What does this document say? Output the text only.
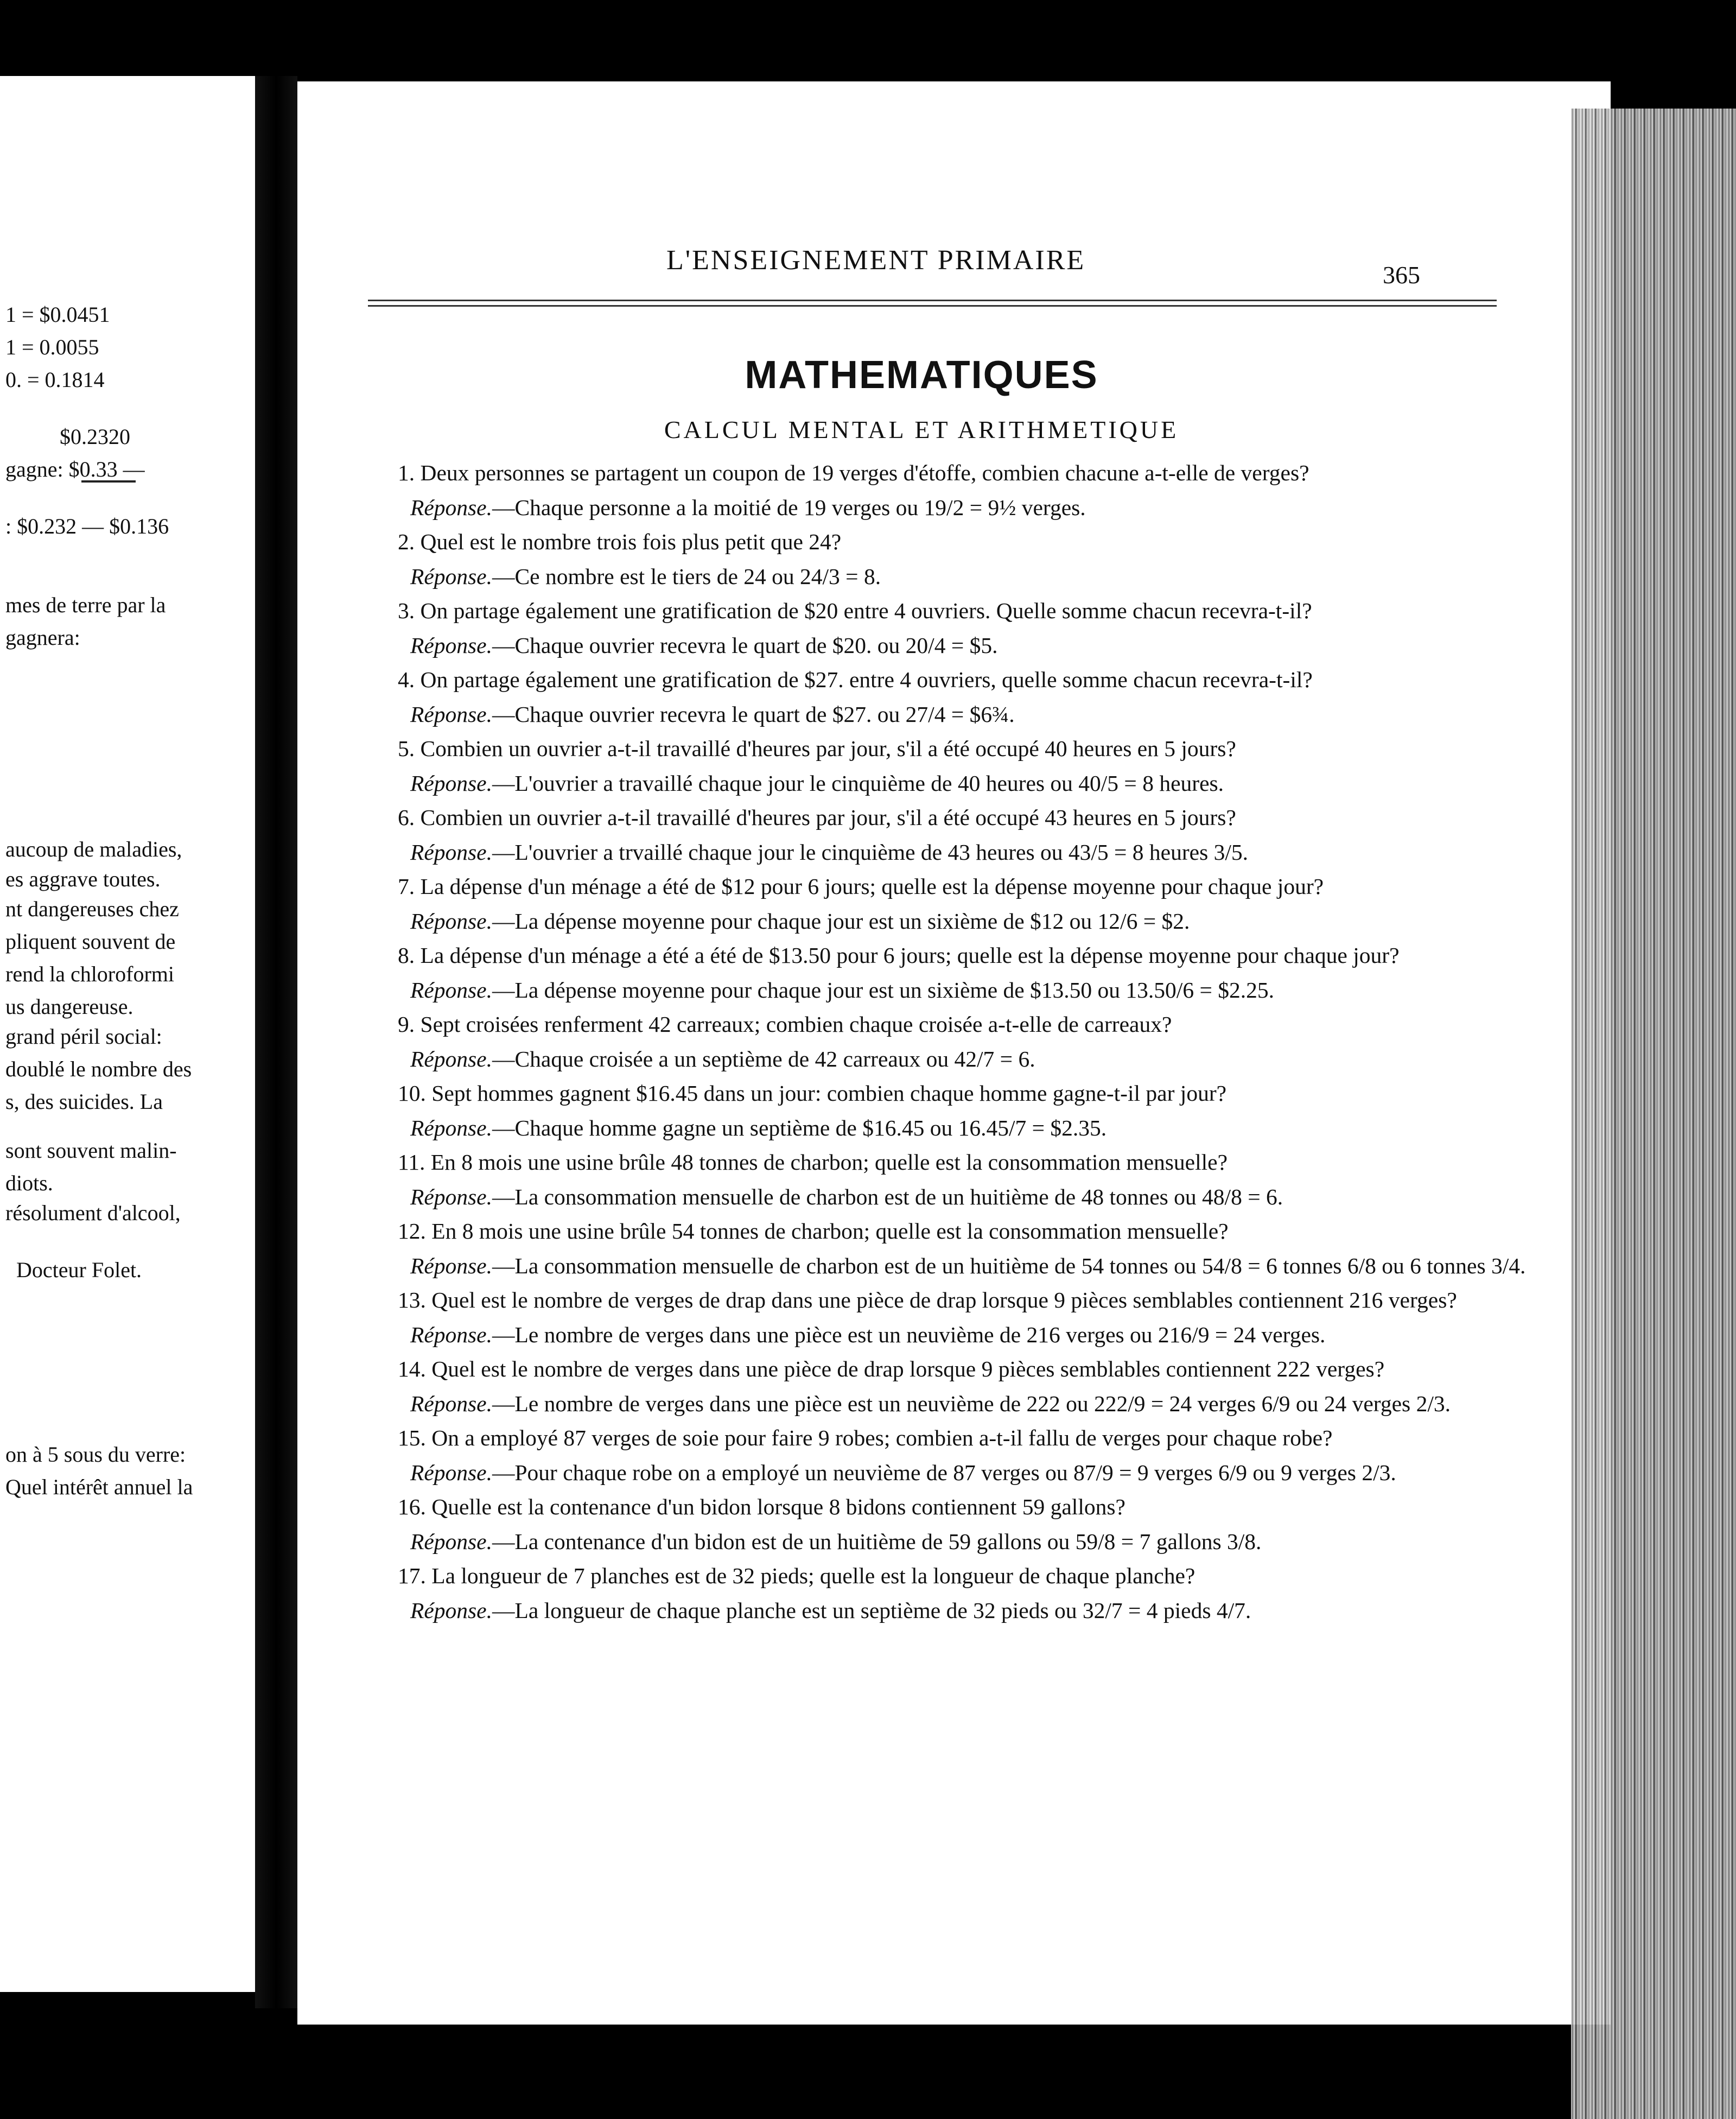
1 = $0.0451
1 = 0.0055
0. = 0.1814
$0.2320
gagne: $0.33 —
: $0.232 — $0.136
mes de terre par la
gagnera:
aucoup de maladies,
es aggrave toutes.
nt dangereuses chez
pliquent souvent de
rend la chloroformi
us dangereuse.
grand péril social:
doublé le nombre des
s, des suicides. La
sont souvent malin-
diots.
résolument d'alcool,
Docteur Folet.
on à 5 sous du verre:
Quel intérêt annuel la
L'ENSEIGNEMENT PRIMAIRE	365
MATHEMATIQUES
CALCUL MENTAL ET ARITHMETIQUE

1. Deux personnes se partagent un coupon de 19 verges d'étoffe, combien chacune a-t-elle de verges?

Réponse.—Chaque personne a la moitié de 19 verges ou 19/2 = 9½ verges.

2. Quel est le nombre trois fois plus petit que 24?

Réponse.—Ce nombre est le tiers de 24 ou 24/3 = 8.

3. On partage également une gratification de $20 entre 4 ouvriers. Quelle somme chacun recevra-t-il?

Réponse.—Chaque ouvrier recevra le quart de $20. ou 20/4 = $5.

4. On partage également une gratification de $27. entre 4 ouvriers, quelle somme chacun recevra-t-il?

Réponse.—Chaque ouvrier recevra le quart de $27. ou 27/4 = $6¾.

5. Combien un ouvrier a-t-il travaillé d'heures par jour, s'il a été occupé 40 heures en 5 jours?

Réponse.—L'ouvrier a travaillé chaque jour le cinquième de 40 heures ou 40/5 = 8 heures.

6. Combien un ouvrier a-t-il travaillé d'heures par jour, s'il a été occupé 43 heures en 5 jours?

Réponse.—L'ouvrier a trvaillé chaque jour le cinquième de 43 heures ou 43/5 = 8 heures 3/5.

7. La dépense d'un ménage a été de $12 pour 6 jours; quelle est la dépense moyenne pour chaque jour?

Réponse.—La dépense moyenne pour chaque jour est un sixième de $12 ou 12/6 = $2.

8. La dépense d'un ménage a été a été de $13.50 pour 6 jours; quelle est la dépense moyenne pour chaque jour?

Réponse.—La dépense moyenne pour chaque jour est un sixième de $13.50 ou 13.50/6 = $2.25.

9. Sept croisées renferment 42 carreaux; combien chaque croisée a-t-elle de carreaux?

Réponse.—Chaque croisée a un septième de 42 carreaux ou 42/7 = 6.

10. Sept hommes gagnent $16.45 dans un jour: combien chaque homme gagne-t-il par jour?

Réponse.—Chaque homme gagne un septième de $16.45 ou 16.45/7 = $2.35.

11. En 8 mois une usine brûle 48 tonnes de charbon; quelle est la consommation mensuelle?

Réponse.—La consommation mensuelle de charbon est de un huitième de 48 tonnes ou 48/8 = 6.

12. En 8 mois une usine brûle 54 tonnes de charbon; quelle est la consommation mensuelle?

Réponse.—La consommation mensuelle de charbon est de un huitième de 54 tonnes ou 54/8 = 6 tonnes 6/8 ou 6 tonnes 3/4.

13. Quel est le nombre de verges de drap dans une pièce de drap lorsque 9 pièces semblables contiennent 216 verges?

Réponse.—Le nombre de verges dans une pièce est un neuvième de 216 verges ou 216/9 = 24 verges.

14. Quel est le nombre de verges dans une pièce de drap lorsque 9 pièces semblables contiennent 222 verges?

Réponse.—Le nombre de verges dans une pièce est un neuvième de 222 ou 222/9 = 24 verges 6/9 ou 24 verges 2/3.

15. On a employé 87 verges de soie pour faire 9 robes; combien a-t-il fallu de verges pour chaque robe?

Réponse.—Pour chaque robe on a employé un neuvième de 87 verges ou 87/9 = 9 verges 6/9 ou 9 verges 2/3.

16. Quelle est la contenance d'un bidon lorsque 8 bidons contiennent 59 gallons?

Réponse.—La contenance d'un bidon est de un huitième de 59 gallons ou 59/8 = 7 gallons 3/8.

17. La longueur de 7 planches est de 32 pieds; quelle est la longueur de chaque planche?

Réponse.—La longueur de chaque planche est un septième de 32 pieds ou 32/7 = 4 pieds 4/7.
